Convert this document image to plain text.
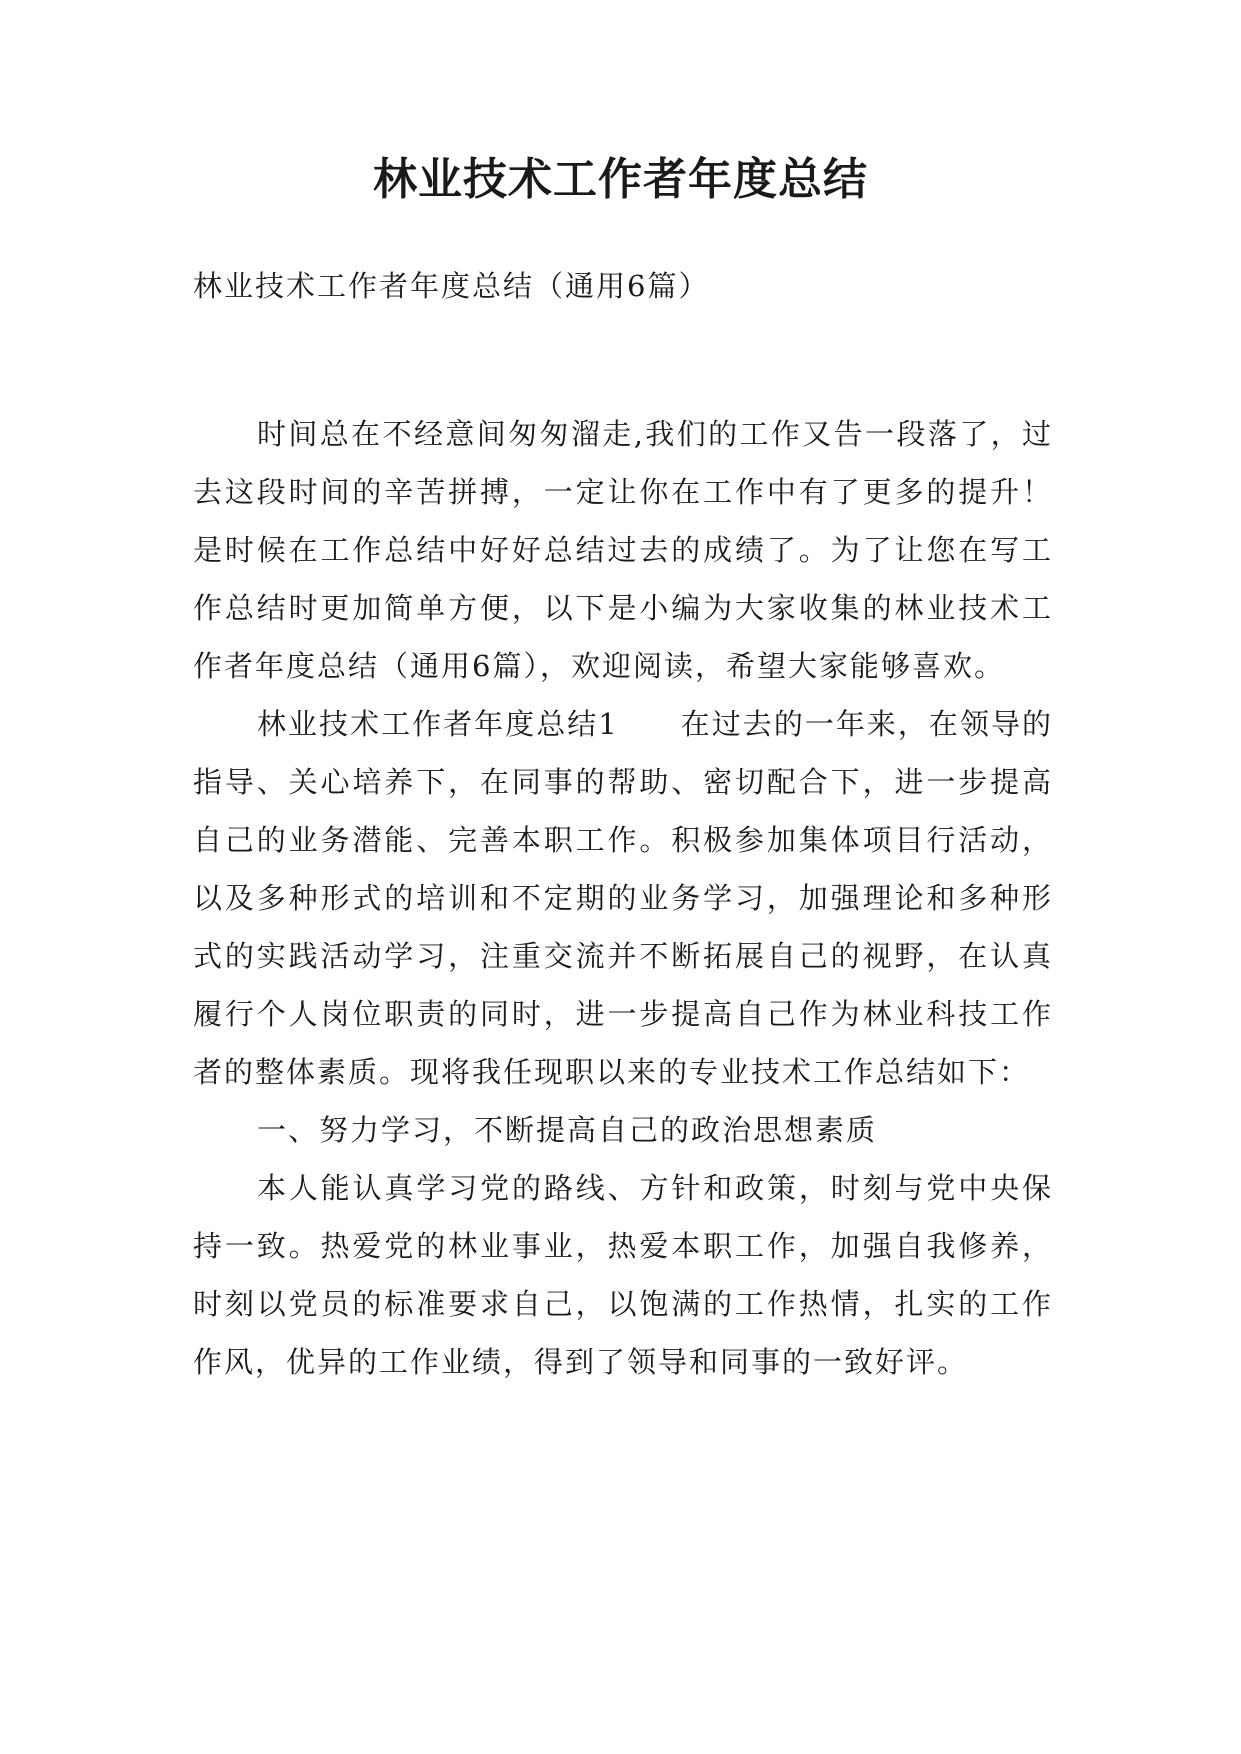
林业技术工作者年度总结

林业技术工作者年度总结（通用6篇）

时间总在不经意间匆匆溜走,我们的工作又告一段落了，过去这段时间的辛苦拼搏，一定让你在工作中有了更多的提升！是时候在工作总结中好好总结过去的成绩了。为了让您在写工作总结时更加简单方便，以下是小编为大家收集的林业技术工作者年度总结（通用6篇），欢迎阅读，希望大家能够喜欢。

林业技术工作者年度总结1　　在过去的一年来，在领导的指导、关心培养下，在同事的帮助、密切配合下，进一步提高自己的业务潜能、完善本职工作。积极参加集体项目行活动，以及多种形式的培训和不定期的业务学习，加强理论和多种形式的实践活动学习，注重交流并不断拓展自己的视野，在认真履行个人岗位职责的同时，进一步提高自己作为林业科技工作者的整体素质。现将我任现职以来的专业技术工作总结如下：

一、努力学习，不断提高自己的政治思想素质

本人能认真学习党的路线、方针和政策，时刻与党中央保持一致。热爱党的林业事业，热爱本职工作，加强自我修养，时刻以党员的标准要求自己，以饱满的工作热情，扎实的工作作风，优异的工作业绩，得到了领导和同事的一致好评。
